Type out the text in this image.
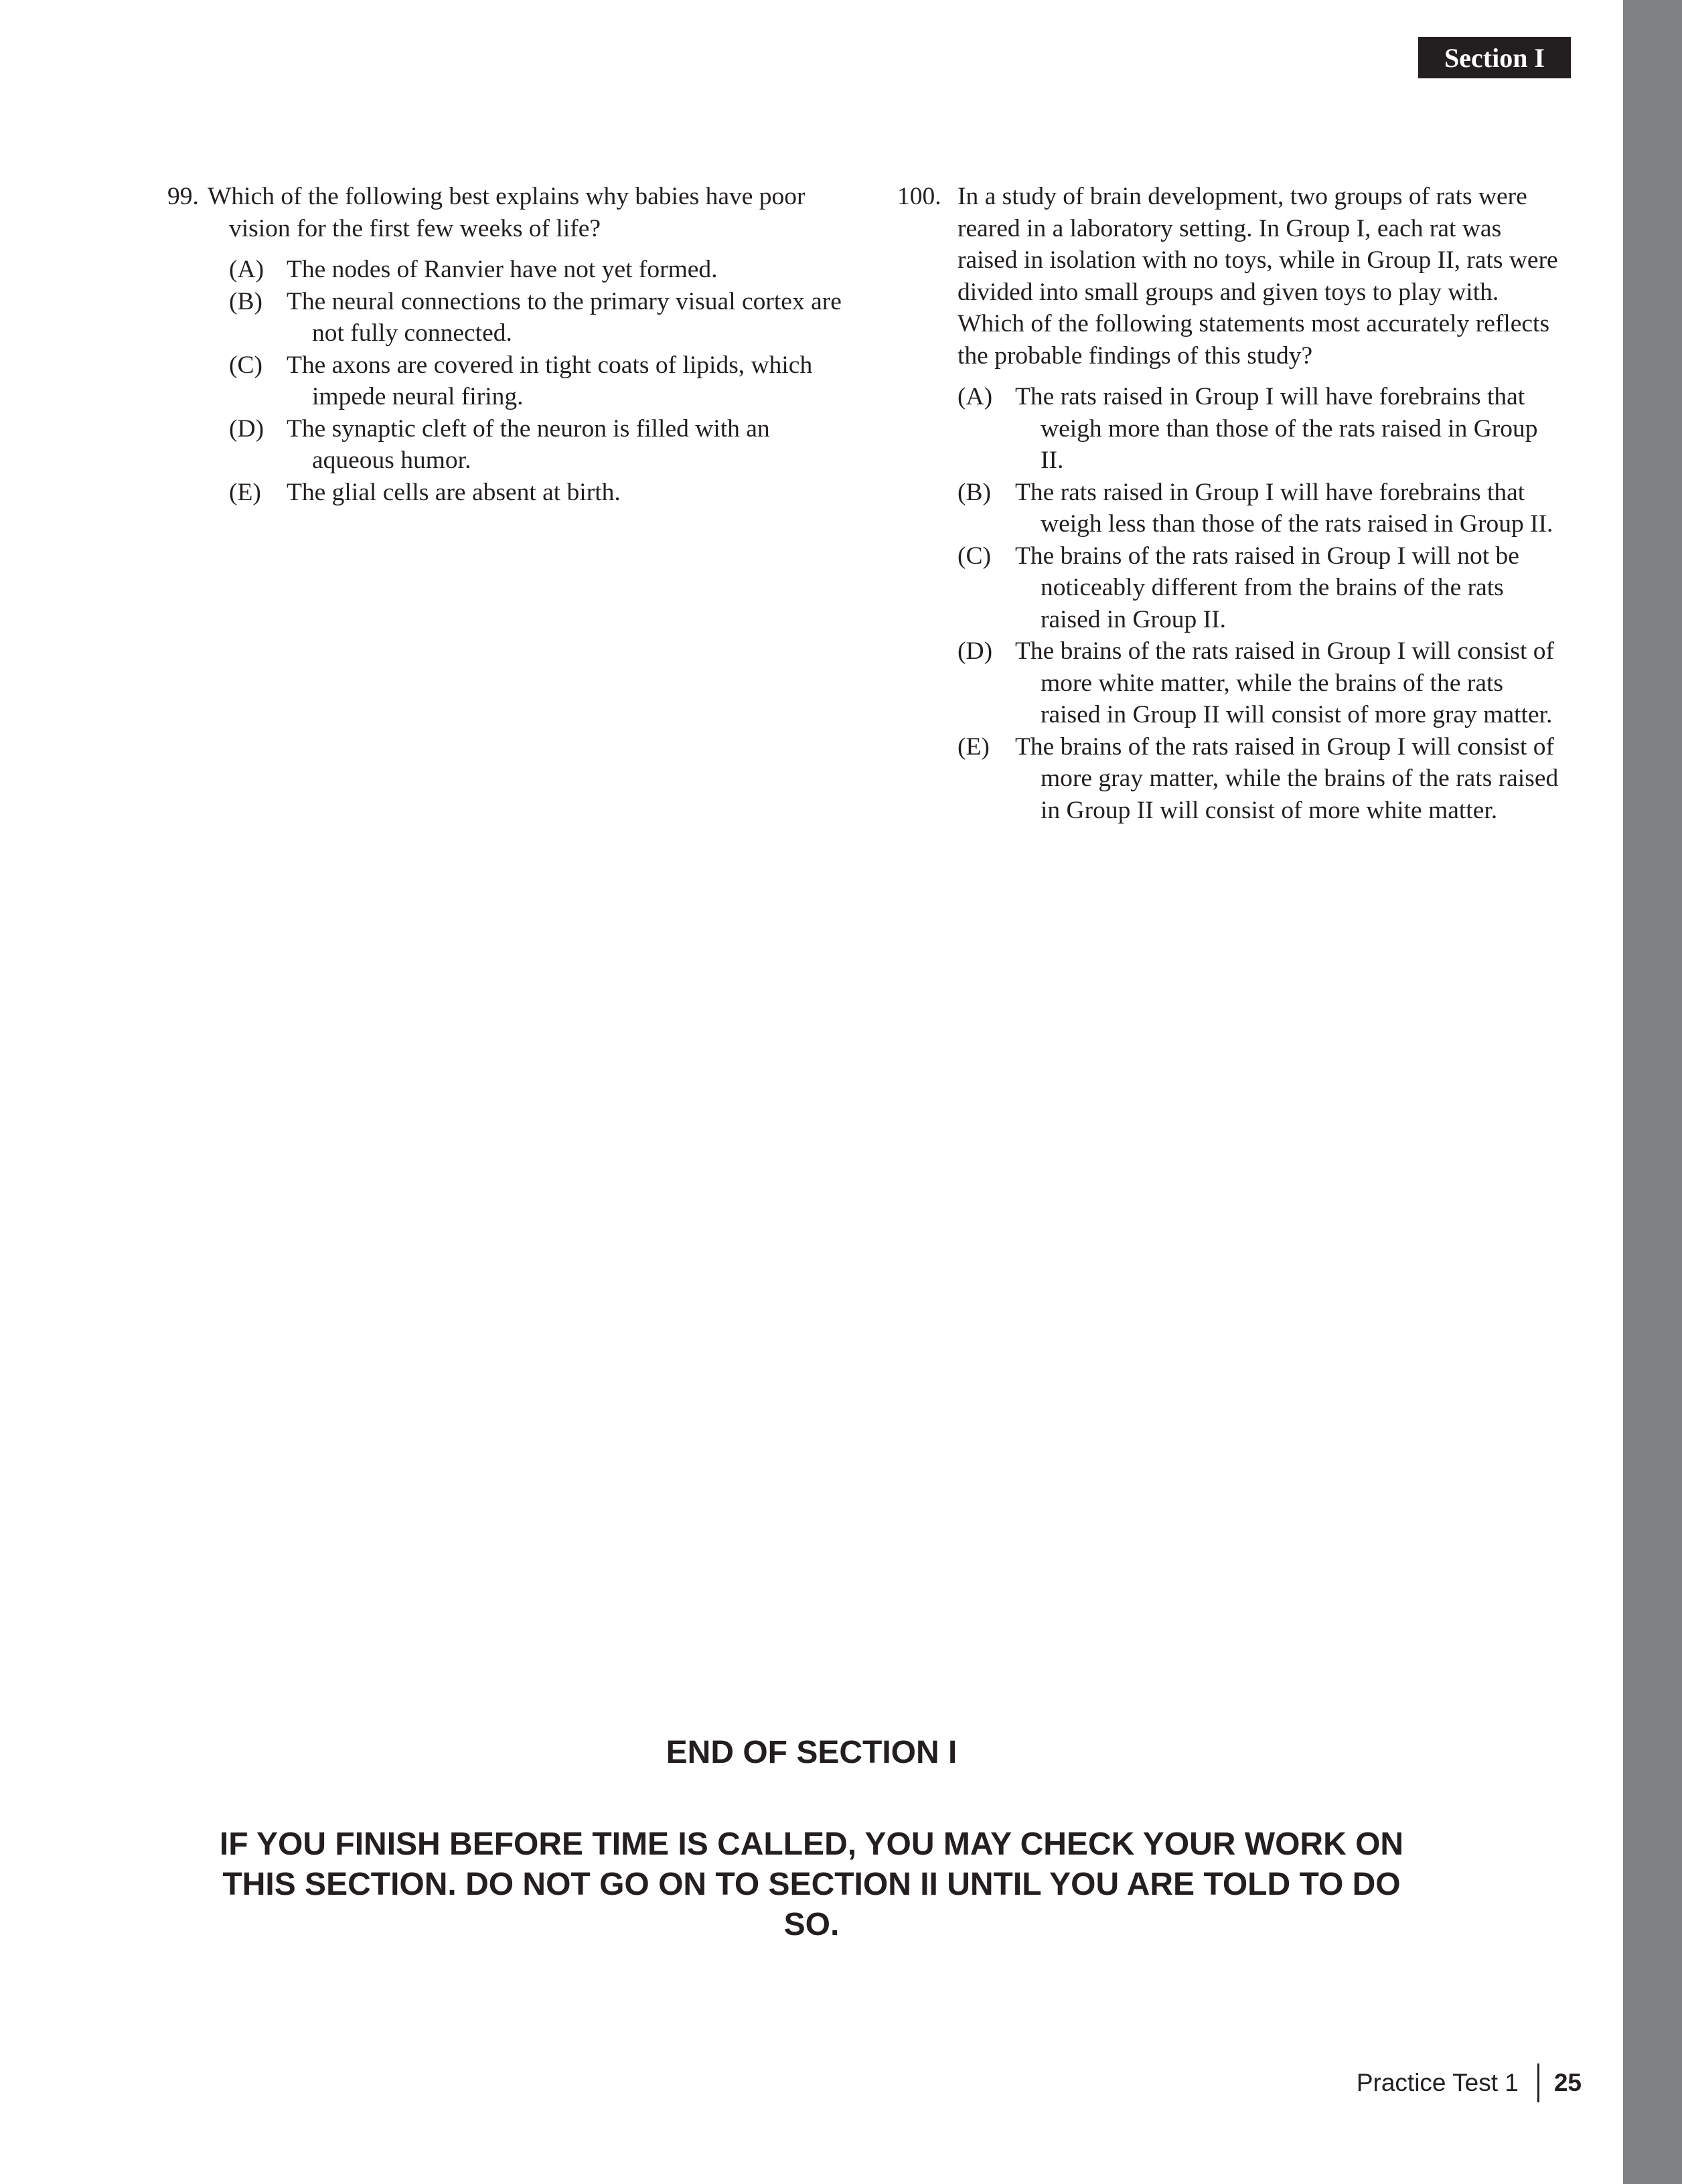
Section I
99. Which of the following best explains why babies have poor
vision for the first few weeks of life?
(A) The nodes of Ranvier have not yet formed.
(B) The neural connections to the primary visual cortex are not fully connected.
(C) The axons are covered in tight coats of lipids, which impede neural firing.
(D) The synaptic cleft of the neuron is filled with an aqueous humor.
(E)	The glial cells are absent at birth.
100. In a study of brain development, two groups of rats were reared in a laboratory setting. In Group I, each rat was raised in isolation with no toys, while in Group II, rats were divided into small groups and given toys to play with. Which of the following statements most accurately reflects the probable findings of this study?
(A) The rats raised in Group I will have forebrains that weigh more than those of the rats raised in Group II.
(B) The rats raised in Group I will have forebrains that weigh less than those of the rats raised in Group II.
(C) The brains of the rats raised in Group I will not be noticeably different from the brains of the rats raised in Group II.
(D) The brains of the rats raised in Group I will consist of more white matter, while the brains of the rats raised in Group II will consist of more gray matter.
(E)	The brains of the rats raised in Group I will consist of more gray matter, while the brains of the rats raised in Group II will consist of more white matter.
END OF SECTION I
IF YOU FINISH BEFORE TIME IS CALLED, YOU MAY CHECK YOUR WORK ON THIS SECTION. DO NOT GO ON TO SECTION II UNTIL YOU ARE TOLD TO DO SO.
Practice Test 1 25
